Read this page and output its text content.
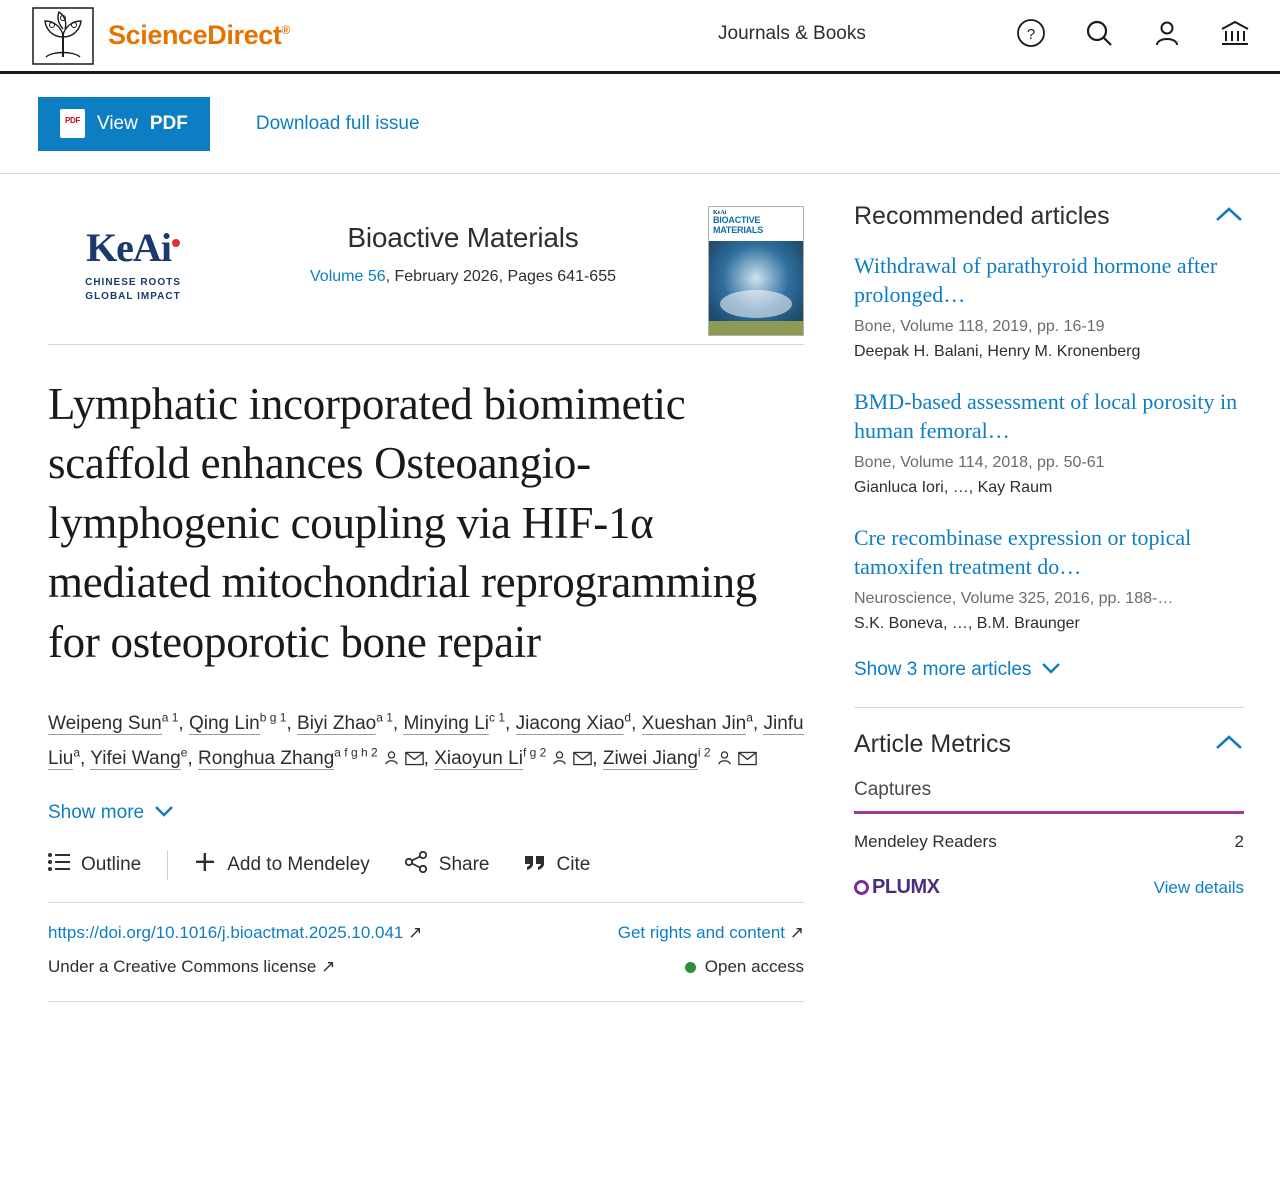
ScienceDirect®	Journals & Books	?
PDF
View PDF	Download full issue
KeAi
CHINESE ROOTS
GLOBAL IMPACT
Bioactive Materials
Volume 56, February 2026, Pages 641-655
KeAi
BIOACTIVE
MATERIALS
Lymphatic incorporated biomimetic scaffold enhances Osteoangio-lymphogenic coupling via HIF-1α mediated mitochondrial reprogramming for osteoporotic bone repair
Weipeng Sun$^{a 1}$, Qing Lin$^{b g 1}$, Biyi Zhao$^{a 1}$, Minying $Li^{c 1}$, Jiacong Xiao$^d$, Xueshan Jin$^a$, Jinfu Liu$^a$, Yifei Wang$^e$, Ronghua Zhang$^{a f g h 2}$ , Xiaoyun $Li^{f g 2}$ , Ziwei Jiang$^{i 2}$
Show more
Outline	Add to Mendeley	Share	Cite
https://doi.org/10.1016/j.bioactmat.2025.10.041 ↗	Get rights and content ↗
Under a Creative Commons license ↗	Open access
Recommended articles
Withdrawal of parathyroid hormone after prolonged…
Bone, Volume 118, 2019, pp. 16-19
Deepak H. Balani, Henry M. Kronenberg
BMD-based assessment of local porosity in human femoral…
Bone, Volume 114, 2018, pp. 50-61
Gianluca Iori, …, Kay Raum
Cre recombinase expression or topical tamoxifen treatment do…
Neuroscience, Volume 325, 2016, pp. 188-…
S.K. Boneva, …, B.M. Braunger
Show 3 more articles
Article Metrics
Captures
Mendeley Readers	2
PLUMX	View details
